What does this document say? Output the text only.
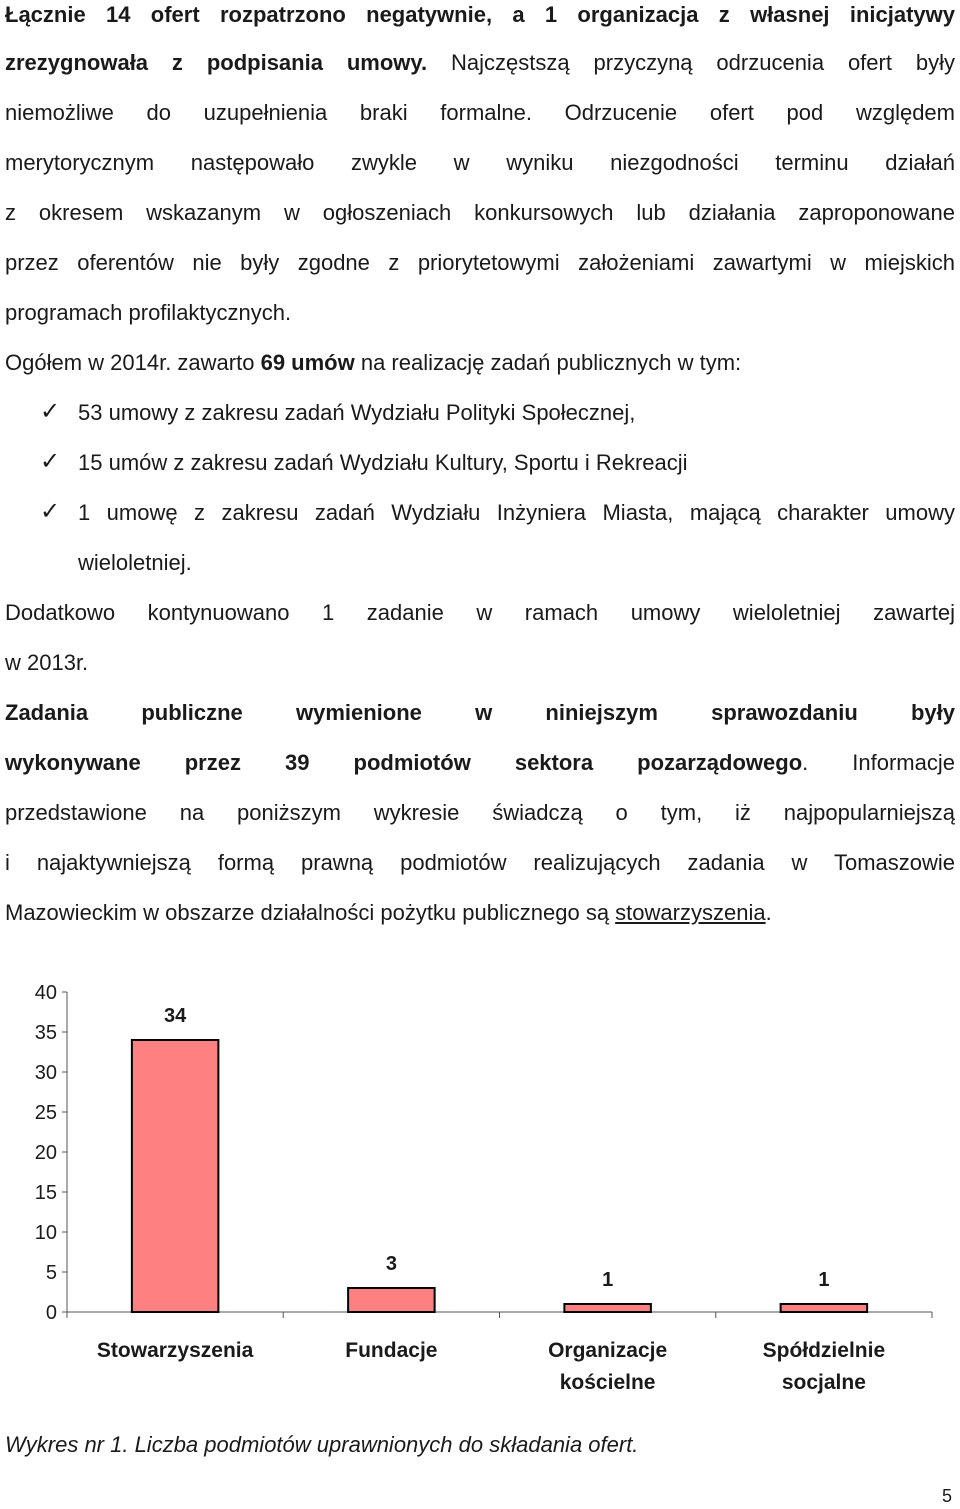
Łącznie 14 ofert rozpatrzono negatywnie, a 1 organizacja z własnej inicjatywy
zrezygnowała z podpisania umowy. Najczęstszą przyczyną odrzucenia ofert były
niemożliwe do uzupełnienia braki formalne. Odrzucenie ofert pod względem
merytorycznym następowało zwykle w wyniku niezgodności terminu działań
z okresem wskazanym w ogłoszeniach konkursowych lub działania zaproponowane
przez oferentów nie były zgodne z priorytetowymi założeniami zawartymi w miejskich
programach profilaktycznych.
Ogółem w 2014r. zawarto 69 umów na realizację zadań publicznych w tym:
✓ 53 umowy z zakresu zadań Wydziału Polityki Społecznej,
✓ 15 umów z zakresu zadań Wydziału Kultury, Sportu i Rekreacji
✓ 1 umowę z zakresu zadań Wydziału Inżyniera Miasta, mającą charakter umowy
wieloletniej.
Dodatkowo kontynuowano 1 zadanie w ramach umowy wieloletniej zawartej
w 2013r.
Zadania publiczne wymienione w niniejszym sprawozdaniu były
wykonywane przez 39 podmiotów sektora pozarządowego. Informacje
przedstawione na poniższym wykresie świadczą o tym, iż najpopularniejszą
i najaktywniejszą formą prawną podmiotów realizujących zadania w Tomaszowie
Mazowieckim w obszarze działalności pożytku publicznego są stowarzyszenia.
0
5
10
15
20
25
30
35
40
34
3
1	1
Stowarzyszenia	Fundacje	Organizacje
kościelne
Spółdzielnie
socjalne
Wykres nr 1. Liczba podmiotów uprawnionych do składania ofert.
5
